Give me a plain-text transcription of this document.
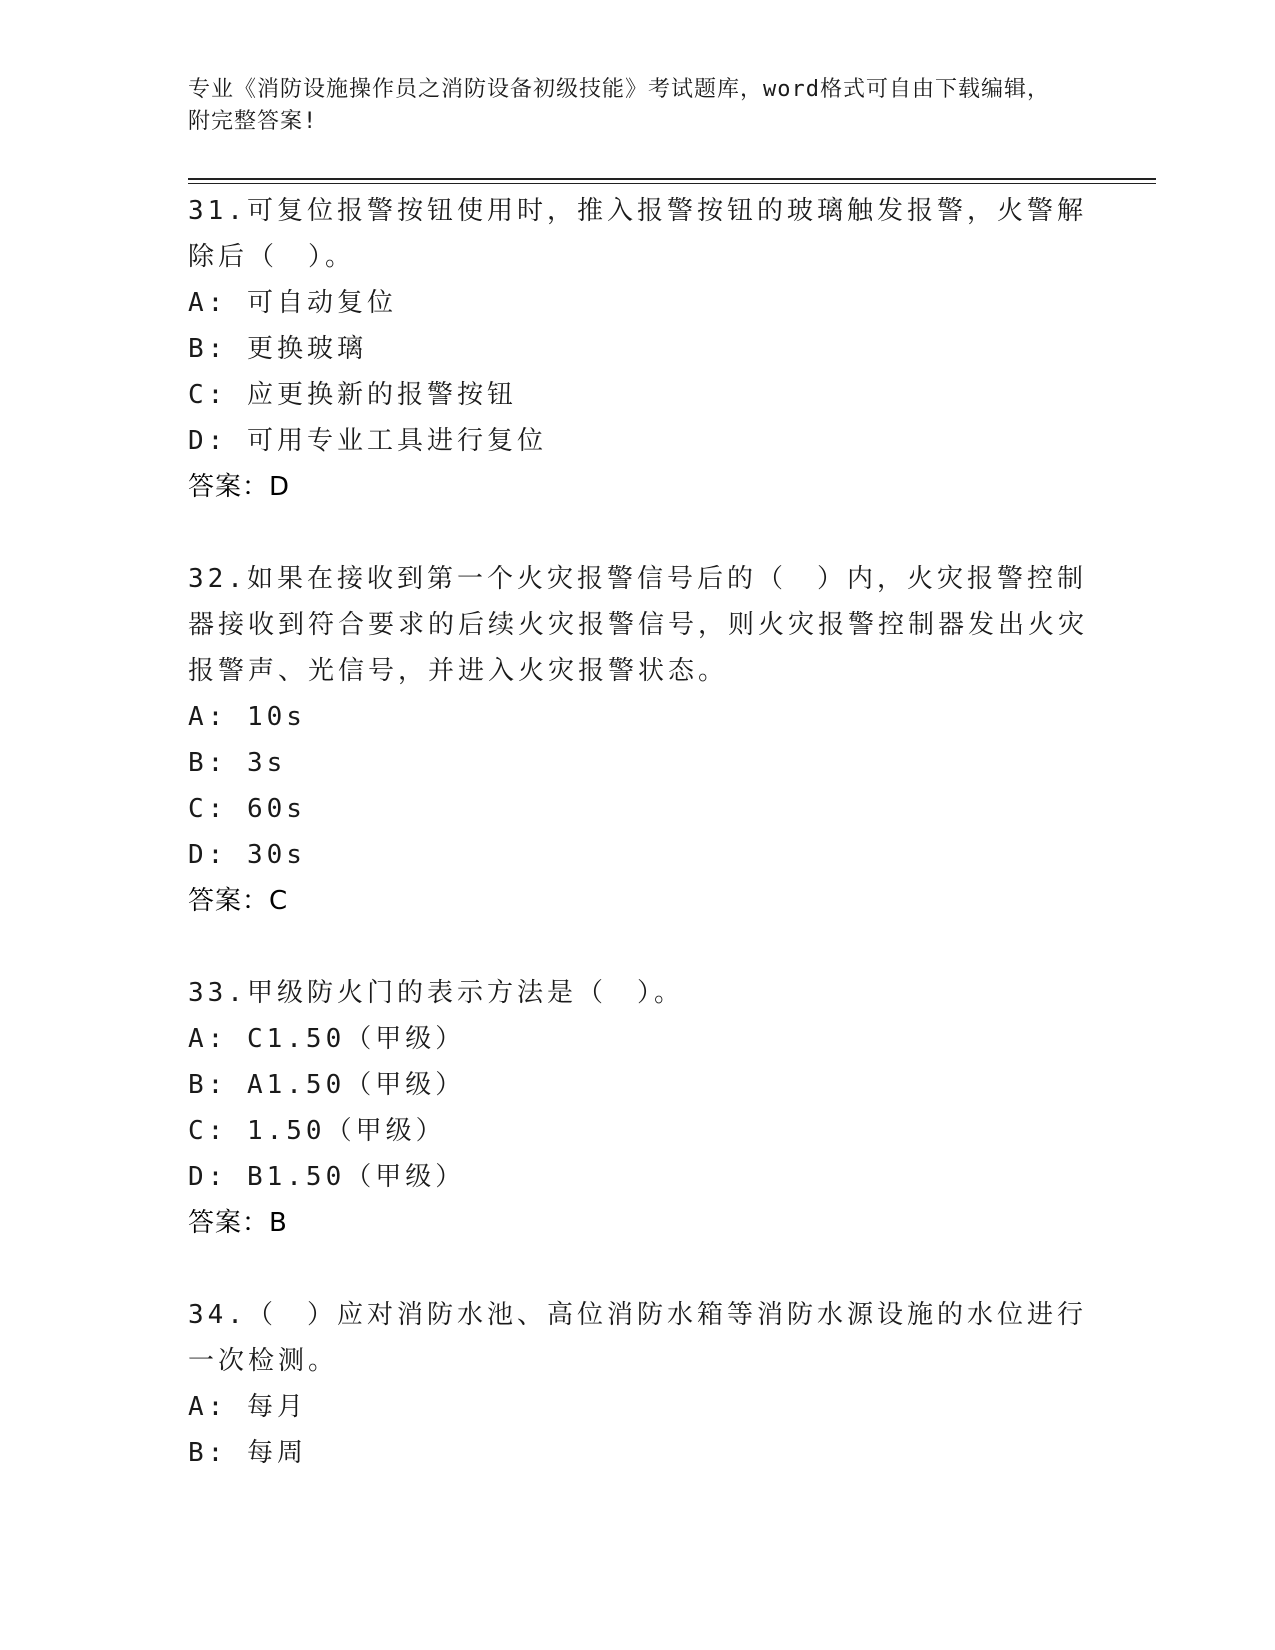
专业《消防设施操作员之消防设备初级技能》考试题库，word格式可自由下载编辑，附完整答案!
31.可复位报警按钮使用时，推入报警按钮的玻璃触发报警，火警解除后（　）。
A: 可自动复位
B: 更换玻璃
C: 应更换新的报警按钮
D: 可用专业工具进行复位
答案：D
32.如果在接收到第一个火灾报警信号后的（　）内，火灾报警控制器接收到符合要求的后续火灾报警信号，则火灾报警控制器发出火灾报警声、光信号，并进入火灾报警状态。
A: 10s
B: 3s
C: 60s
D: 30s
答案：C
33.甲级防火门的表示方法是（　）。
A: C1.50（甲级）
B: A1.50（甲级）
C: 1.50（甲级）
D: B1.50（甲级）
答案：B
34.（　）应对消防水池、高位消防水箱等消防水源设施的水位进行一次检测。
A: 每月
B: 每周
